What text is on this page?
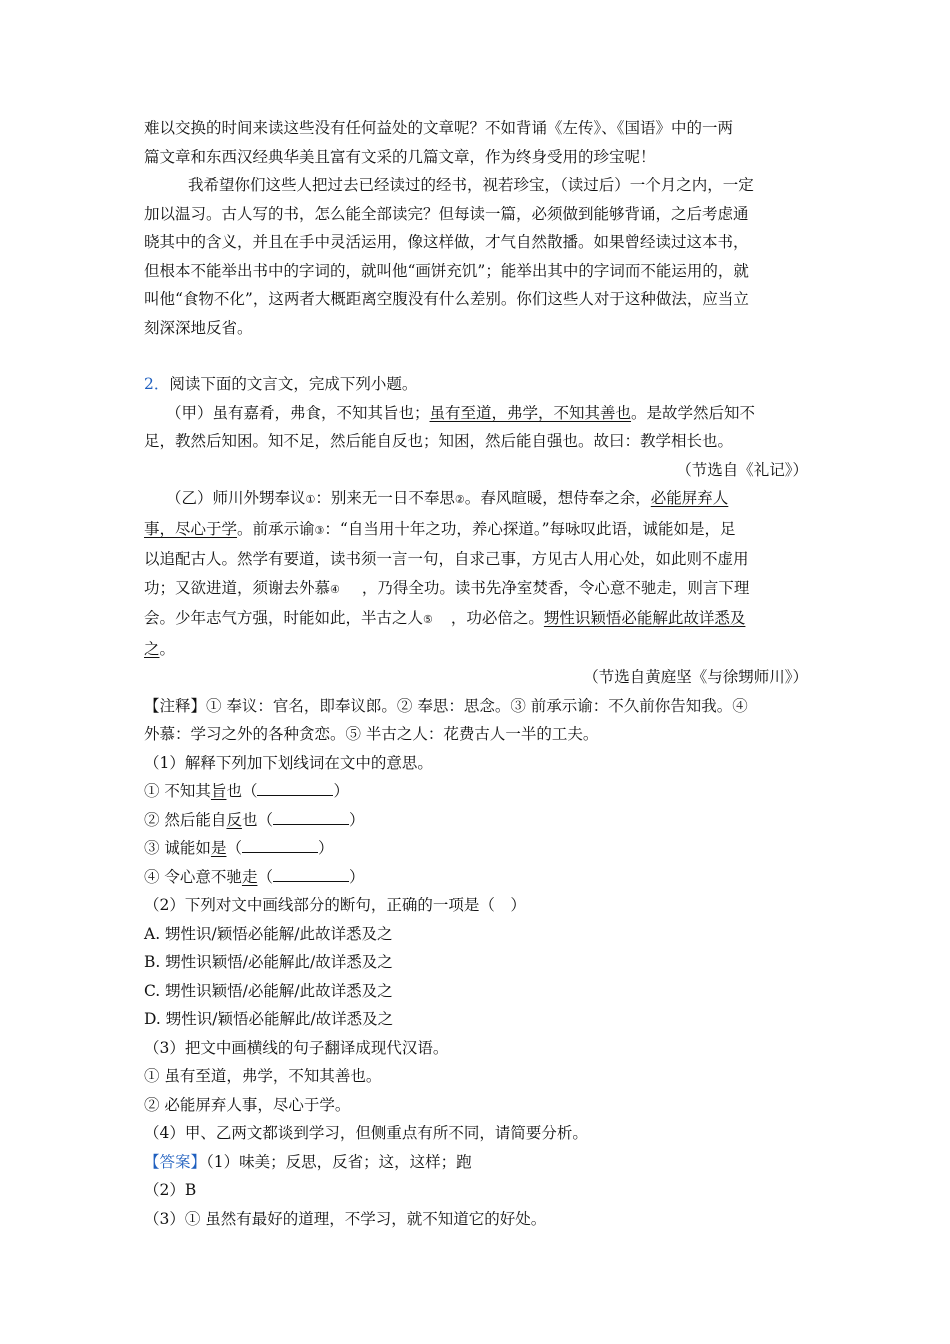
难以交换的时间来读这些没有任何益处的文章呢？不如背诵《左传》、《国语》中的一两

篇文章和东西汉经典华美且富有文采的几篇文章，作为终身受用的珍宝呢！

我希望你们这些人把过去已经读过的经书，视若珍宝，（读过后）一个月之内，一定

加以温习。古人写的书，怎么能全部读完？但每读一篇，必须做到能够背诵，之后考虑通

晓其中的含义，并且在手中灵活运用，像这样做，才气自然散播。如果曾经读过这本书，

但根本不能举出书中的字词的，就叫他“画饼充饥”；能举出其中的字词而不能运用的，就

叫他“食物不化”，这两者大概距离空腹没有什么差别。你们这些人对于这种做法，应当立

刻深深地反省。

2．阅读下面的文言文，完成下列小题。

（甲）虽有嘉肴，弗食，不知其旨也；虽有至道，弗学，不知其善也。是故学然后知不

足，教然后知困。知不足，然后能自反也；知困，然后能自强也。故曰：教学相长也。

（节选自《礼记》）

（乙）师川外甥奉议①：别来无一日不奉思②。春风暄暖，想侍奉之余，必能屏弃人

事，尽心于学。前承示谕③：“自当用十年之功，养心探道。”每咏叹此语，诚能如是，足

以追配古人。然学有要道，读书须一言一句，自求己事，方见古人用心处，如此则不虚用

功；又欲进道，须谢去外慕④ ，乃得全功。读书先净室焚香，令心意不驰走，则言下理

会。少年志气方强，时能如此，半古之人⑤ ，功必倍之。甥性识颖悟必能解此故详悉及

之。

（节选自黄庭坚《与徐甥师川》）

【注释】① 奉议：官名，即奉议郎。② 奉思：思念。③ 前承示谕：不久前你告知我。④

外慕：学习之外的各种贪恋。⑤ 半古之人：花费古人一半的工夫。

（1）解释下列加下划线词在文中的意思。

① 不知其旨也（	）

② 然后能自反也（	）

③ 诚能如是（	）

④ 令心意不驰走（	）

（2）下列对文中画线部分的断句，正确的一项是（　）

A. 甥性识/颖悟必能解/此故详悉及之

B. 甥性识颖悟/必能解此/故详悉及之

C. 甥性识颖悟/必能解/此故详悉及之

D. 甥性识/颖悟必能解此/故详悉及之

（3）把文中画横线的句子翻译成现代汉语。

① 虽有至道，弗学，不知其善也。

② 必能屏弃人事，尽心于学。

（4）甲、乙两文都谈到学习，但侧重点有所不同，请简要分析。

【答案】（1）味美；反思，反省；这，这样；跑

（2）B

（3）① 虽然有最好的道理，不学习，就不知道它的好处。
